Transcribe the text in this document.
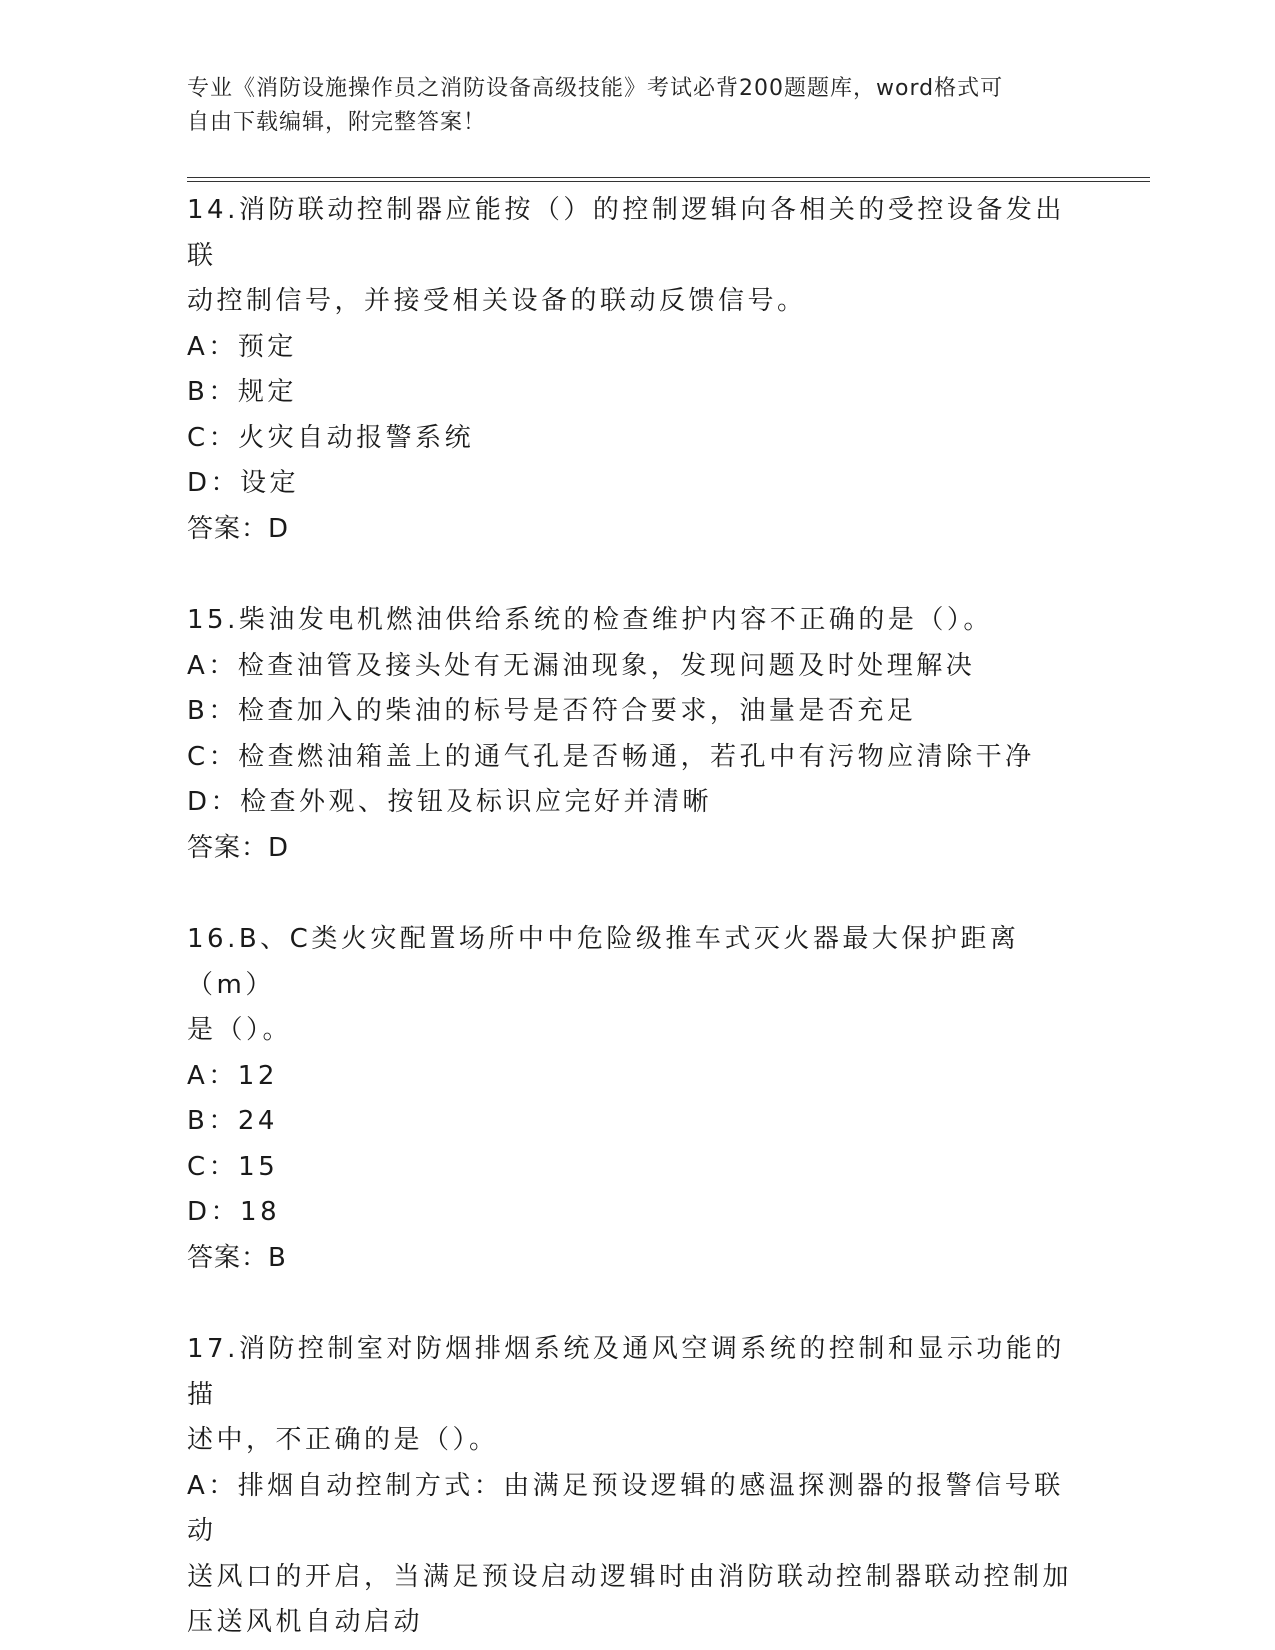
专业《消防设施操作员之消防设备高级技能》考试必背200题题库，word格式可
自由下载编辑，附完整答案！

14.消防联动控制器应能按（）的控制逻辑向各相关的受控设备发出联

动控制信号，并接受相关设备的联动反馈信号。

A：预定

B：规定

C：火灾自动报警系统

D：设定

答案：D

15.柴油发电机燃油供给系统的检查维护内容不正确的是（）。

A：检查油管及接头处有无漏油现象，发现问题及时处理解决

B：检查加入的柴油的标号是否符合要求，油量是否充足

C：检查燃油箱盖上的通气孔是否畅通，若孔中有污物应清除干净

D：检查外观、按钮及标识应完好并清晰

答案：D

16.B、C类火灾配置场所中中危险级推车式灭火器最大保护距离（m）

是（）。

A：12

B：24

C：15

D：18

答案：B

17.消防控制室对防烟排烟系统及通风空调系统的控制和显示功能的描

述中，不正确的是（）。

A：排烟自动控制方式：由满足预设逻辑的感温探测器的报警信号联动

送风口的开启，当满足预设启动逻辑时由消防联动控制器联动控制加

压送风机自动启动
